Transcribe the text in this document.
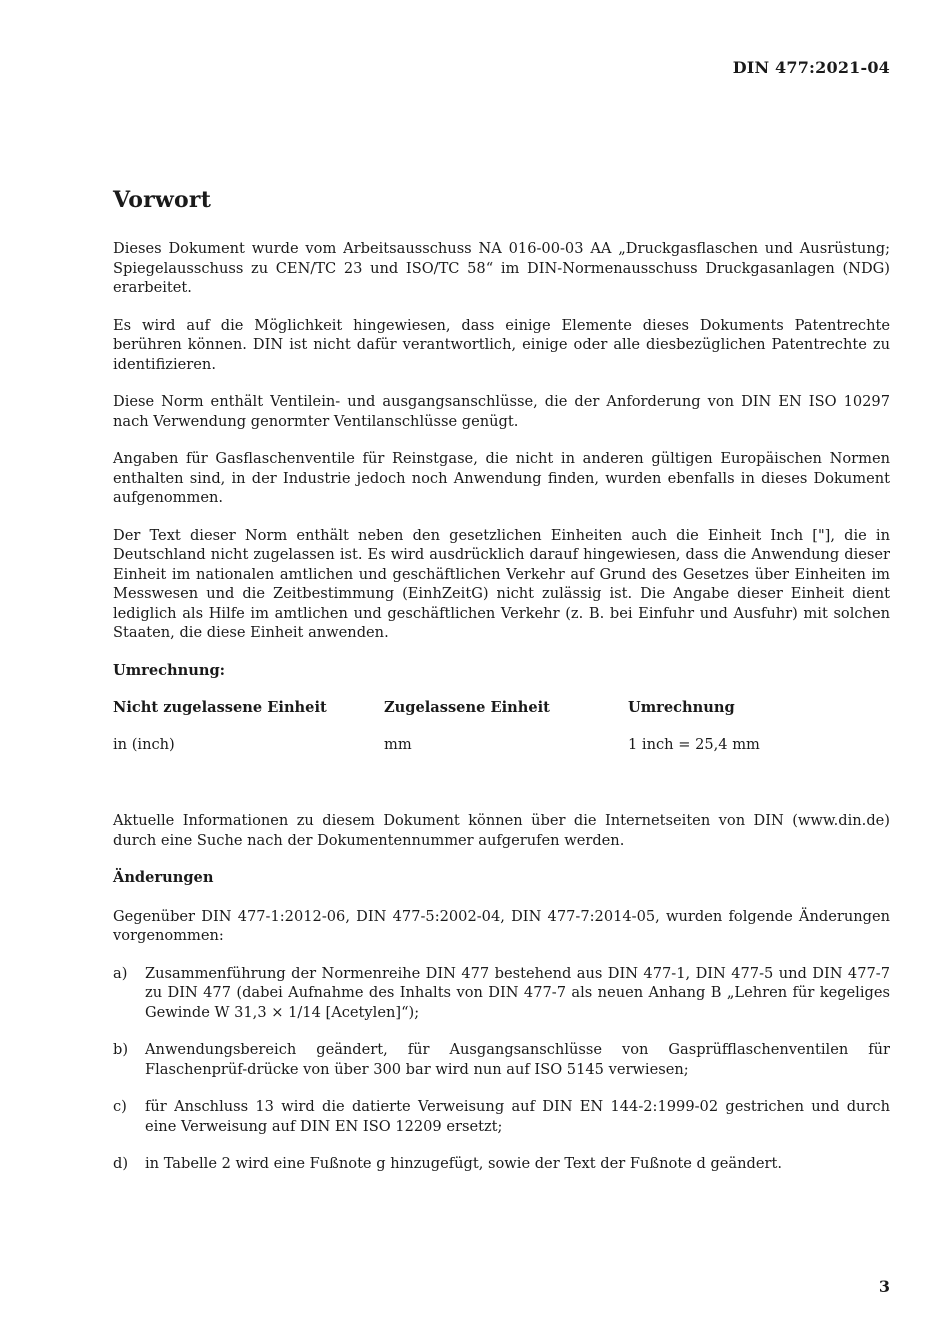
DIN 477:2021-04
Vorwort

Dieses Dokument wurde vom Arbeitsausschuss NA 016-00-03 AA „Druckgasflaschen und Ausrüstung; Spiegelausschuss zu CEN/TC 23 und ISO/TC 58“ im DIN-Normenausschuss Druckgasanlagen (NDG) erarbeitet.

Es wird auf die Möglichkeit hingewiesen, dass einige Elemente dieses Dokuments Patentrechte berühren können. DIN ist nicht dafür verantwortlich, einige oder alle diesbezüglichen Patentrechte zu identifizieren.

Diese Norm enthält Ventilein- und ausgangsanschlüsse, die der Anforderung von DIN EN ISO 10297 nach Verwendung genormter Ventilanschlüsse genügt.

Angaben für Gasflaschenventile für Reinstgase, die nicht in anderen gültigen Europäischen Normen enthalten sind, in der Industrie jedoch noch Anwendung finden, wurden ebenfalls in dieses Dokument aufgenommen.

Der Text dieser Norm enthält neben den gesetzlichen Einheiten auch die Einheit Inch ["], die in Deutschland nicht zugelassen ist. Es wird ausdrücklich darauf hingewiesen, dass die Anwendung dieser Einheit im nationalen amtlichen und geschäftlichen Verkehr auf Grund des Gesetzes über Einheiten im Messwesen und die Zeitbestimmung (EinhZeitG) nicht zulässig ist. Die Angabe dieser Einheit dient lediglich als Hilfe im amtlichen und geschäftlichen Verkehr (z. B. bei Einfuhr und Ausfuhr) mit solchen Staaten, die diese Einheit anwenden.

Umrechnung:

Nicht zugelassene Einheit	Zugelassene Einheit	Umrechnung
in (inch)	mm	1 inch = 25,4 mm

Aktuelle Informationen zu diesem Dokument können über die Internetseiten von DIN (www.din.de) durch eine Suche nach der Dokumentennummer aufgerufen werden.

Änderungen

Gegenüber DIN 477-1:2012-06, DIN 477-5:2002-04, DIN 477-7:2014-05, wurden folgende Änderungen vorgenommen:

a) Zusammenführung der Normenreihe DIN 477 bestehend aus DIN 477-1, DIN 477-5 und DIN 477-7 zu DIN 477 (dabei Aufnahme des Inhalts von DIN 477-7 als neuen Anhang B „Lehren für kegeliges Gewinde W 31,3 × 1/14 [Acetylen]“);
b) Anwendungsbereich geändert, für Ausgangsanschlüsse von Gasprüfflaschenventilen für Flaschenprüf-drücke von über 300 bar wird nun auf ISO 5145 verwiesen;
c) für Anschluss 13 wird die datierte Verweisung auf DIN EN 144-2:1999-02 gestrichen und durch eine Verweisung auf DIN EN ISO 12209 ersetzt;
d) in Tabelle 2 wird eine Fußnote g hinzugefügt, sowie der Text der Fußnote d geändert.
3
